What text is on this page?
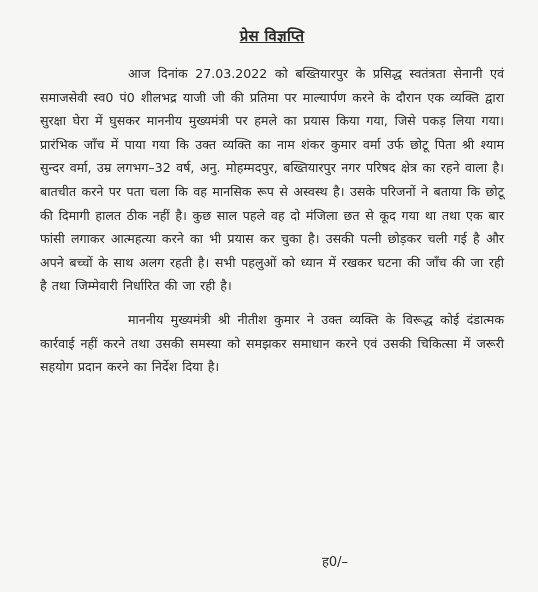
प्रेस विज्ञप्ति

आज दिनांक 27.03.2022 को बख्तियारपुर के प्रसिद्ध स्वतंत्रता सेनानी एवं समाजसेवी स्व0 पं0 शीलभद्र याजी जी की प्रतिमा पर माल्यार्पण करने के दौरान एक व्यक्ति द्वारा सुरक्षा घेरा में घुसकर माननीय मुख्यमंत्री पर हमले का प्रयास किया गया, जिसे पकड़ लिया गया। प्रारंभिक जाँच में पाया गया कि उक्त व्यक्ति का नाम शंकर कुमार वर्मा उर्फ छोटू पिता श्री श्याम सुन्दर वर्मा, उम्र लगभग–32 वर्ष, अनु. मोहम्मदपुर, बख्तियारपुर नगर परिषद क्षेत्र का रहने वाला है। बातचीत करने पर पता चला कि वह मानसिक रूप से अस्वस्थ है। उसके परिजनों ने बताया कि छोटू की दिमागी हालत ठीक नहीं है। कुछ साल पहले वह दो मंजिला छत से कूद गया था तथा एक बार फांसी लगाकर आत्महत्या करने का भी प्रयास कर चुका है। उसकी पत्नी छोड़कर चली गई है और अपने बच्चों के साथ अलग रहती है। सभी पहलुओं को ध्यान में रखकर घटना की जाँच की जा रही है तथा जिम्मेवारी निर्धारित की जा रही है।

माननीय मुख्यमंत्री श्री नीतीश कुमार ने उक्त व्यक्ति के विरूद्ध कोई दंडात्मक कार्रवाई नहीं करने तथा उसकी समस्या को समझकर समाधान करने एवं उसकी चिकित्सा में जरूरी सहयोग प्रदान करने का निर्देश दिया है।

ह0/–
